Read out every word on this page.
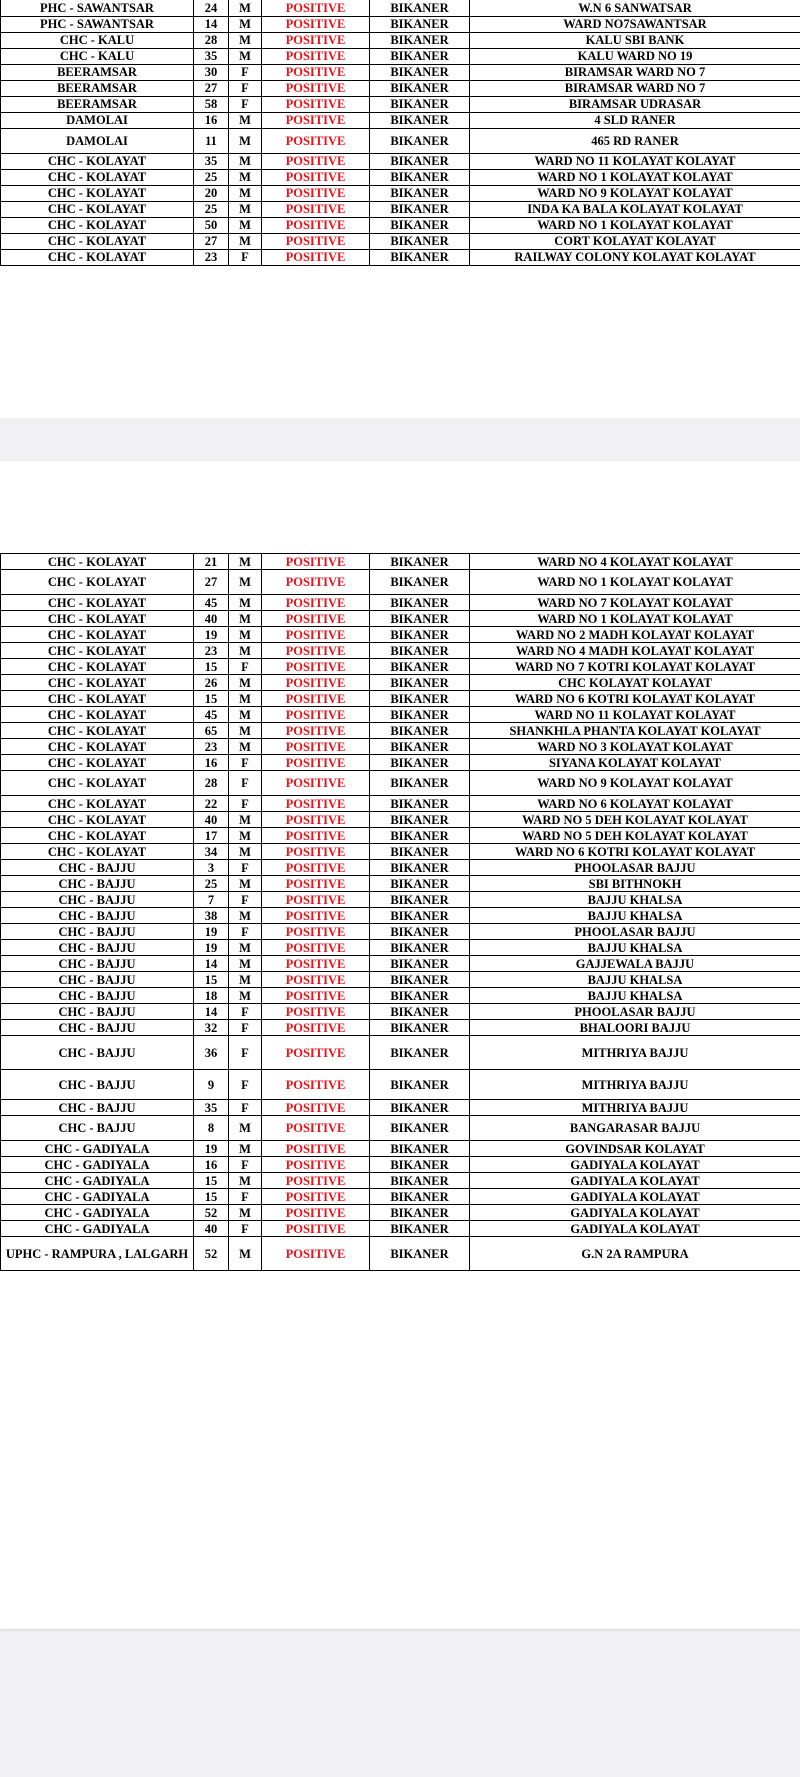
PHC - SAWANTSAR	24	M	POSITIVE	BIKANER	W.N 6 SANWATSAR
PHC - SAWANTSAR	14	M	POSITIVE	BIKANER	WARD NO7SAWANTSAR
CHC - KALU	28	M	POSITIVE	BIKANER	KALU SBI BANK
CHC - KALU	35	M	POSITIVE	BIKANER	KALU WARD NO 19
BEERAMSAR	30	F	POSITIVE	BIKANER	BIRAMSAR WARD NO 7
BEERAMSAR	27	F	POSITIVE	BIKANER	BIRAMSAR WARD NO 7
BEERAMSAR	58	F	POSITIVE	BIKANER	BIRAMSAR UDRASAR
DAMOLAI	16	M	POSITIVE	BIKANER	4 SLD RANER
DAMOLAI	11	M	POSITIVE	BIKANER	465 RD RANER
CHC - KOLAYAT	35	M	POSITIVE	BIKANER	WARD NO 11 KOLAYAT KOLAYAT
CHC - KOLAYAT	25	M	POSITIVE	BIKANER	WARD NO 1 KOLAYAT KOLAYAT
CHC - KOLAYAT	20	M	POSITIVE	BIKANER	WARD NO 9 KOLAYAT KOLAYAT
CHC - KOLAYAT	25	M	POSITIVE	BIKANER	INDA KA BALA KOLAYAT KOLAYAT
CHC - KOLAYAT	50	M	POSITIVE	BIKANER	WARD NO 1 KOLAYAT KOLAYAT
CHC - KOLAYAT	27	M	POSITIVE	BIKANER	CORT KOLAYAT KOLAYAT
CHC - KOLAYAT	23	F	POSITIVE	BIKANER	RAILWAY COLONY KOLAYAT KOLAYAT
CHC - KOLAYAT	21	M	POSITIVE	BIKANER	WARD NO 4 KOLAYAT KOLAYAT
CHC - KOLAYAT	27	M	POSITIVE	BIKANER	WARD NO 1 KOLAYAT KOLAYAT
CHC - KOLAYAT	45	M	POSITIVE	BIKANER	WARD NO 7 KOLAYAT KOLAYAT
CHC - KOLAYAT	40	M	POSITIVE	BIKANER	WARD NO 1 KOLAYAT KOLAYAT
CHC - KOLAYAT	19	M	POSITIVE	BIKANER	WARD NO 2 MADH KOLAYAT KOLAYAT
CHC - KOLAYAT	23	M	POSITIVE	BIKANER	WARD NO 4 MADH KOLAYAT KOLAYAT
CHC - KOLAYAT	15	F	POSITIVE	BIKANER	WARD NO 7 KOTRI KOLAYAT KOLAYAT
CHC - KOLAYAT	26	M	POSITIVE	BIKANER	CHC KOLAYAT KOLAYAT
CHC - KOLAYAT	15	M	POSITIVE	BIKANER	WARD NO 6 KOTRI KOLAYAT KOLAYAT
CHC - KOLAYAT	45	M	POSITIVE	BIKANER	WARD NO 11 KOLAYAT KOLAYAT
CHC - KOLAYAT	65	M	POSITIVE	BIKANER	SHANKHLA PHANTA KOLAYAT KOLAYAT
CHC - KOLAYAT	23	M	POSITIVE	BIKANER	WARD NO 3 KOLAYAT KOLAYAT
CHC - KOLAYAT	16	F	POSITIVE	BIKANER	SIYANA KOLAYAT KOLAYAT
CHC - KOLAYAT	28	F	POSITIVE	BIKANER	WARD NO 9 KOLAYAT KOLAYAT
CHC - KOLAYAT	22	F	POSITIVE	BIKANER	WARD NO 6 KOLAYAT KOLAYAT
CHC - KOLAYAT	40	M	POSITIVE	BIKANER	WARD NO 5 DEH KOLAYAT KOLAYAT
CHC - KOLAYAT	17	M	POSITIVE	BIKANER	WARD NO 5 DEH KOLAYAT KOLAYAT
CHC - KOLAYAT	34	M	POSITIVE	BIKANER	WARD NO 6 KOTRI KOLAYAT KOLAYAT
CHC - BAJJU	3	F	POSITIVE	BIKANER	PHOOLASAR BAJJU
CHC - BAJJU	25	M	POSITIVE	BIKANER	SBI BITHNOKH
CHC - BAJJU	7	F	POSITIVE	BIKANER	BAJJU KHALSA
CHC - BAJJU	38	M	POSITIVE	BIKANER	BAJJU KHALSA
CHC - BAJJU	19	F	POSITIVE	BIKANER	PHOOLASAR BAJJU
CHC - BAJJU	19	M	POSITIVE	BIKANER	BAJJU KHALSA
CHC - BAJJU	14	M	POSITIVE	BIKANER	GAJJEWALA BAJJU
CHC - BAJJU	15	M	POSITIVE	BIKANER	BAJJU KHALSA
CHC - BAJJU	18	M	POSITIVE	BIKANER	BAJJU KHALSA
CHC - BAJJU	14	F	POSITIVE	BIKANER	PHOOLASAR BAJJU
CHC - BAJJU	32	F	POSITIVE	BIKANER	BHALOORI BAJJU
CHC - BAJJU	36	F	POSITIVE	BIKANER	MITHRIYA BAJJU
CHC - BAJJU	9	F	POSITIVE	BIKANER	MITHRIYA BAJJU
CHC - BAJJU	35	F	POSITIVE	BIKANER	MITHRIYA BAJJU
CHC - BAJJU	8	M	POSITIVE	BIKANER	BANGARASAR BAJJU
CHC - GADIYALA	19	M	POSITIVE	BIKANER	GOVINDSAR KOLAYAT
CHC - GADIYALA	16	F	POSITIVE	BIKANER	GADIYALA KOLAYAT
CHC - GADIYALA	15	M	POSITIVE	BIKANER	GADIYALA KOLAYAT
CHC - GADIYALA	15	F	POSITIVE	BIKANER	GADIYALA KOLAYAT
CHC - GADIYALA	52	M	POSITIVE	BIKANER	GADIYALA KOLAYAT
CHC - GADIYALA	40	F	POSITIVE	BIKANER	GADIYALA KOLAYAT
UPHC - RAMPURA , LALGARH	52	M	POSITIVE	BIKANER	G.N 2A RAMPURA
